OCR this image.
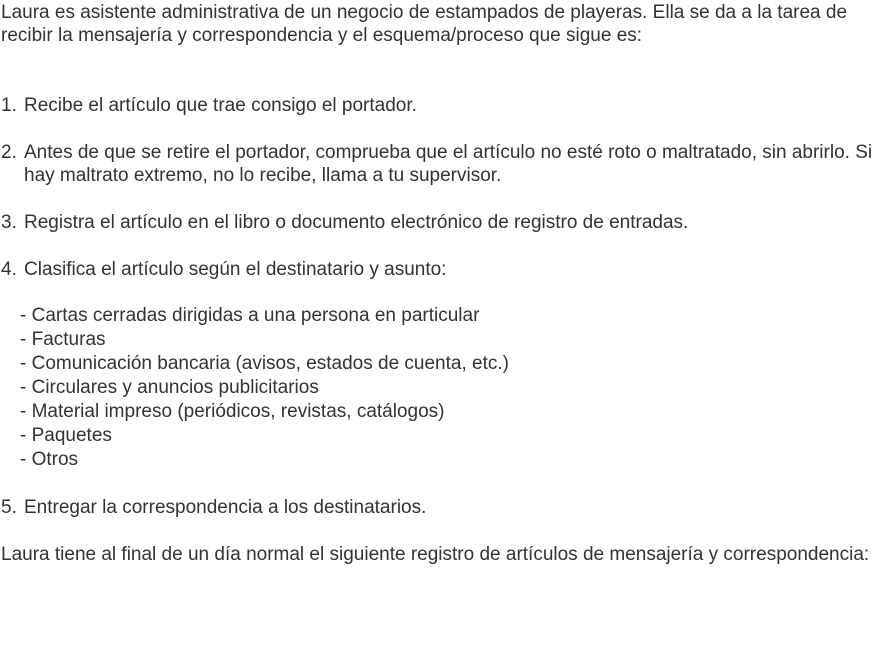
Laura es asistente administrativa de un negocio de estampados de playeras. Ella se da a la tarea de recibir la mensajería y correspondencia y el esquema/proceso que sigue es:

1. Recibe el artículo que trae consigo el portador.
2. Antes de que se retire el portador, comprueba que el artículo no esté roto o maltratado, sin abrirlo. Si hay maltrato extremo, no lo recibe, llama a tu supervisor.
3. Registra el artículo en el libro o documento electrónico de registro de entradas.
4. Clasifica el artículo según el destinatario y asunto:
- Cartas cerradas dirigidas a una persona en particular
- Facturas
- Comunicación bancaria (avisos, estados de cuenta, etc.)
- Circulares y anuncios publicitarios
- Material impreso (periódicos, revistas, catálogos)
- Paquetes
- Otros
5. Entregar la correspondencia a los destinatarios.

Laura tiene al final de un día normal el siguiente registro de artículos de mensajería y correspondencia:
